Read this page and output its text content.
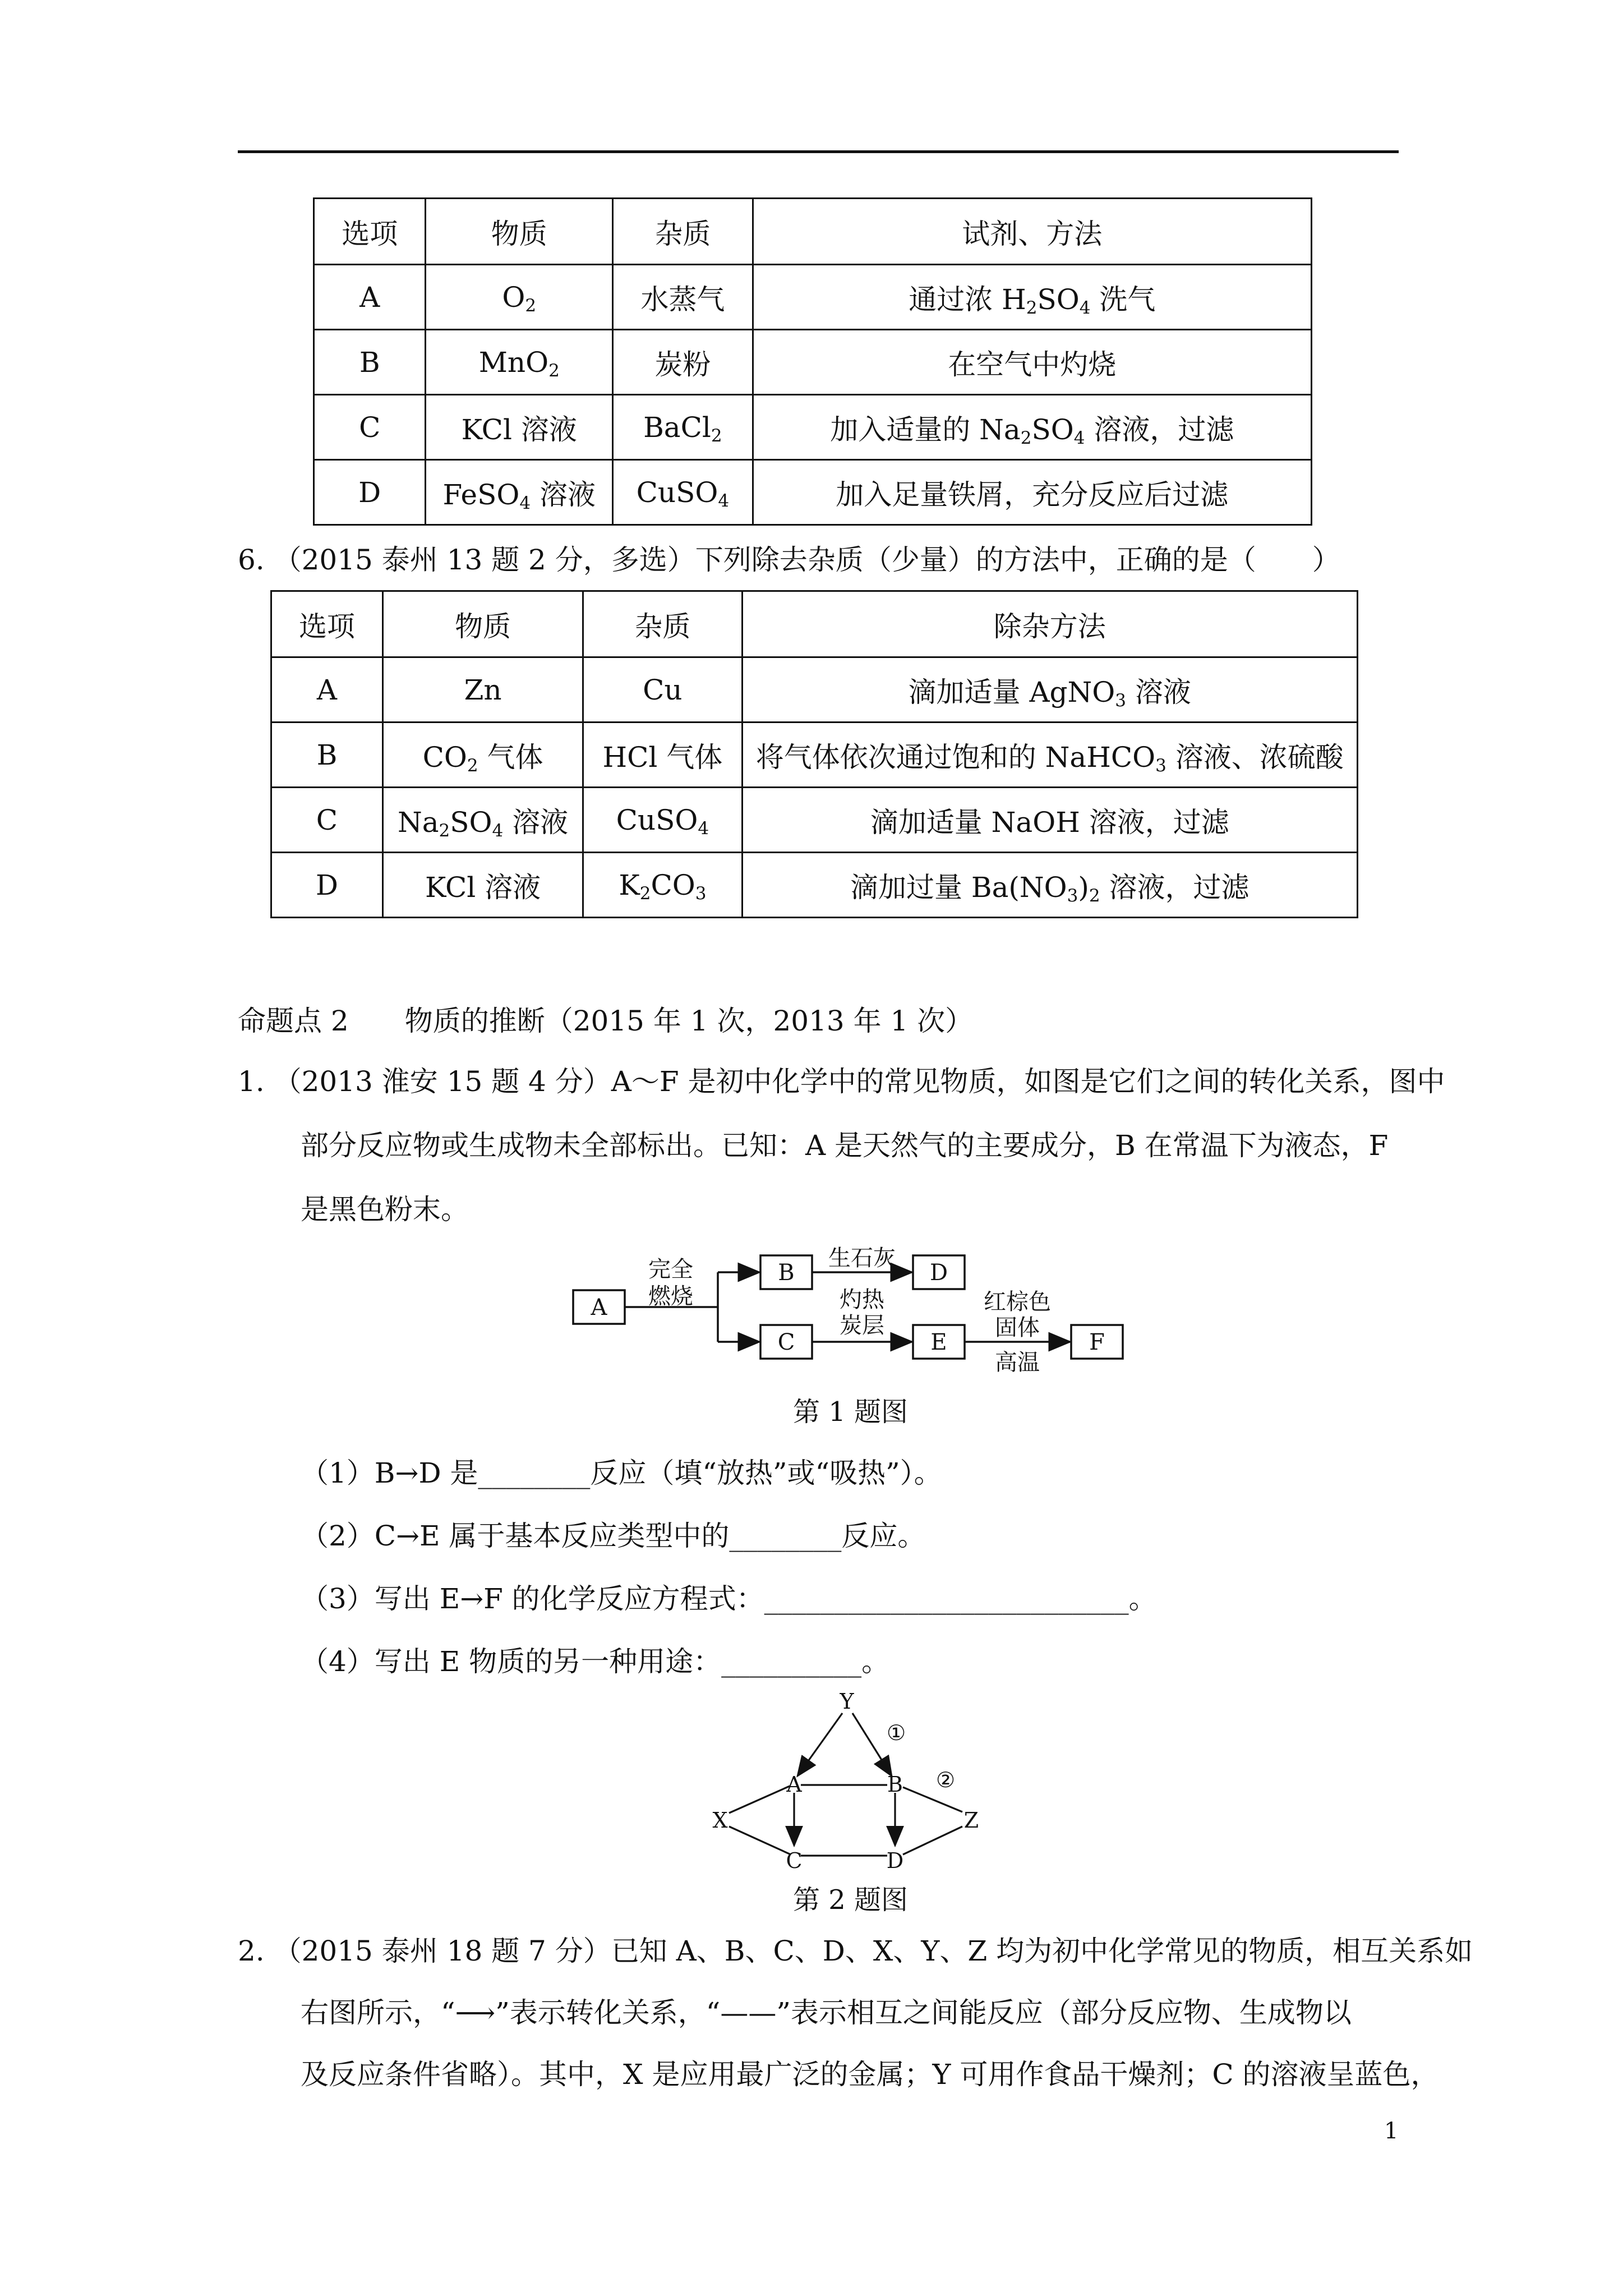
选项	物质	杂质	试剂、方法
A	$O_2$	水蒸气	通过浓 $H_2SO_4$ 洗气
B	MnO$_2$	炭粉	在空气中灼烧
C	KCl 溶液	BaCl$_2$	加入适量的 $Na_2SO_4$ 溶液，过滤
D	FeSO$_4$ 溶液	CuSO$_4$	加入足量铁屑，充分反应后过滤
6. （2015 泰州 13 题 2 分，多选）下列除去杂质（少量）的方法中，正确的是（　　）
选项	物质	杂质	除杂方法
A	Zn	Cu	滴加适量 AgNO$_3$ 溶液
B	$CO_2$ 气体	HCl 气体	将气体依次通过饱和的 NaHCO$_3$ 溶液、浓硫酸
C	$Na_2SO_4$ 溶液	CuSO$_4$	滴加适量 NaOH 溶液，过滤
D	KCl 溶液	$K_2CO_3$	滴加过量 $Ba(NO_3)_2$ 溶液，过滤
命题点 2　　物质的推断（2015 年 1 次，2013 年 1 次）
1. （2013 淮安 15 题 4 分）A～F 是初中化学中的常见物质，如图是它们之间的转化关系，图中
部分反应物或生成物未全部标出。已知：A 是天然气的主要成分，B 在常温下为液态，F
是黑色粉末。
A
B
C
D
E	F
完全
燃烧
生石灰
灼热
炭层
红棕色
固体
高温
第 1 题图
（1）B→D 是________反应（填“放热”或“吸热”）。
（2）C→E 属于基本反应类型中的________反应。
（3）写出 E→F 的化学反应方程式：__________________________。
（4）写出 E 物质的另一种用途：__________。
Y
A	B
X	Z
C	D
①
②
第 2 题图
2. （2015 泰州 18 题 7 分）已知 A、B、C、D、X、Y、Z 均为初中化学常见的物质，相互关系如
右图所示，“⟶”表示转化关系，“——”表示相互之间能反应（部分反应物、生成物以
及反应条件省略）。其中，X 是应用最广泛的金属；Y 可用作食品干燥剂；C 的溶液呈蓝色，
1
